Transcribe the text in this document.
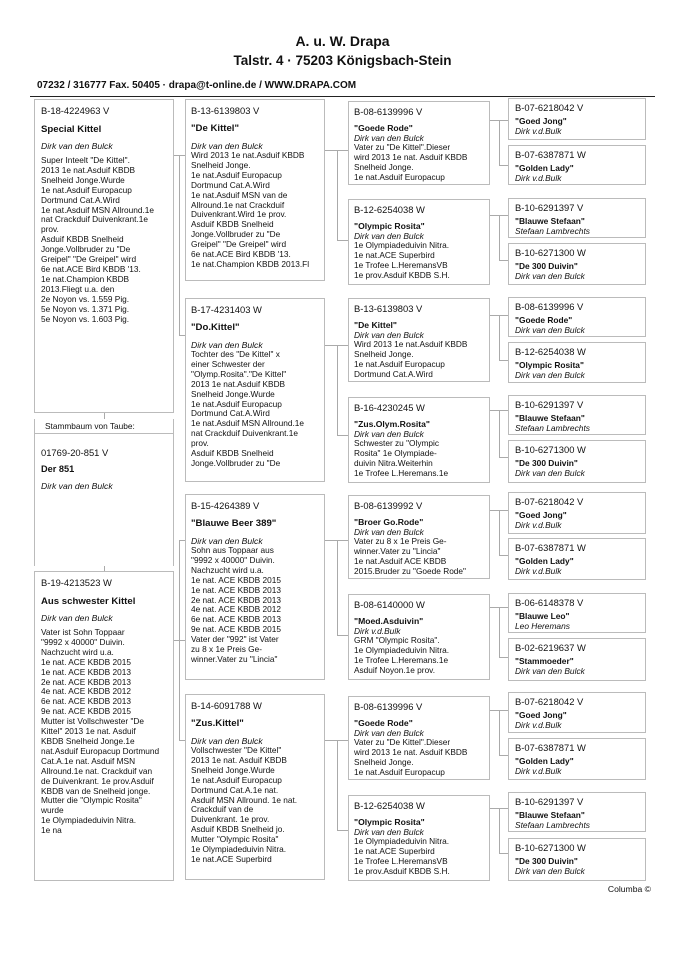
A. u. W. Drapa
Talstr. 4 · 75203 Königsbach-Stein
07232 / 316777 Fax. 50405 · drapa@t-online.de / WWW.DRAPA.COM
B-18-4224963 V
Special Kittel
Dirk van den Bulck
Super Inteelt "De Kittel".
2013 1e nat.Asduif KBDB
Snelheid Jonge.Wurde
1e nat.Asduif Europacup
Dortmund Cat.A.Wird
1e nat.Asduif MSN Allround.1e
nat Crackduif Duivenkrant.1e
prov.
Asduif KBDB Snelheid
Jonge.Vollbruder zu "De
Greipel" "De Greipel" wird
6e nat.ACE Bird KBDB '13.
1e nat.Champion KBDB
2013.Fliegt u.a. den
2e Noyon vs. 1.559 Pig.
5e Noyon vs. 1.371 Pig.
5e Noyon vs. 1.603 Pig.
Stammbaum von Taube:
01769-20-851 V
Der 851
Dirk van den Bulck
B-19-4213523 W
Aus schwester Kittel
Dirk van den Bulck
Vater ist Sohn Toppaar
"9992 x 40000" Duivin.
Nachzucht wird u.a.
1e nat. ACE KBDB 2015
1e nat. ACE KBDB 2013
2e nat. ACE KBDB 2013
4e nat. ACE KBDB 2012
6e nat. ACE KBDB 2013
9e nat. ACE KBDB 2015
Mutter ist Vollschwester "De
Kittel" 2013 1e nat. Asduif
KBDB Snelheid Jonge.1e
nat.Asduif Europacup Dortmund
Cat.A.1e nat. Asduif MSN
Allround.1e nat. Crackduif van
de Duivenkrant. 1e prov.Asduif
KBDB van de Snelheid jonge.
Mutter die "Olympic Rosita"
wurde
1e Olympiadeduivin Nitra.
1e na
B-13-6139803 V
"De Kittel"
Dirk van den Bulck
Wird 2013 1e nat.Asduif KBDB
Snelheid Jonge.
1e nat.Asduif Europacup
Dortmund Cat.A.Wird
1e nat.Asduif MSN van de
Allround.1e nat Crackduif
Duivenkrant.Wird 1e prov.
Asduif KBDB Snelheid
Jonge.Vollbruder zu "De
Greipel" "De Greipel" wird
6e nat.ACE Bird KBDB '13.
1e nat.Champion KBDB 2013.Fl
B-17-4231403 W
"Do.Kittel"
Dirk van den Bulck
Tochter des "De Kittel" x
einer Schwester der
"Olymp.Rosita"."De Kittel"
2013 1e nat.Asduif KBDB
Snelheid Jonge.Wurde
1e nat.Asduif Europacup
Dortmund Cat.A.Wird
1e nat.Asduif MSN Allround.1e
nat Crackduif Duivenkrant.1e
prov.
Asduif KBDB Snelheid
Jonge.Vollbruder zu "De
B-15-4264389 V
"Blauwe Beer 389"
Dirk van den Bulck
Sohn aus Toppaar aus
"9992 x 40000" Duivin.
Nachzucht wird u.a.
1e nat. ACE KBDB 2015
1e nat. ACE KBDB 2013
2e nat. ACE KBDB 2013
4e nat. ACE KBDB 2012
6e nat. ACE KBDB 2013
9e nat. ACE KBDB 2015
Vater der "992" ist Vater
zu 8 x 1e Preis Ge-
winner.Vater zu "Lincia"
B-14-6091788 W
"Zus.Kittel"
Dirk van den Bulck
Vollschwester "De Kittel"
2013 1e nat. Asduif KBDB
Snelheid Jonge.Wurde
1e nat.Asduif Europacup
Dortmund Cat.A.1e nat.
Asduif MSN Allround. 1e nat.
Crackduif van de
Duivenkrant. 1e prov.
Asduif KBDB Snelheid jo.
Mutter "Olympic Rosita"
1e Olympiadeduivin Nitra.
1e nat.ACE Superbird
B-08-6139996 V
"Goede Rode"
Dirk van den Bulck
Vater zu "De Kittel".Dieser
wird 2013 1e nat. Asduif KBDB
Snelheid Jonge.
1e nat.Asduif Europacup
B-12-6254038 W
"Olympic Rosita"
Dirk van den Bulck
1e Olympiadeduivin Nitra.
1e nat.ACE Superbird
1e Trofee L.HeremansVB
1e prov.Asduif KBDB S.H.
B-13-6139803 V
"De Kittel"
Dirk van den Bulck
Wird 2013 1e nat.Asduif KBDB
Snelheid Jonge.
1e nat.Asduif Europacup
Dortmund Cat.A.Wird
B-16-4230245 W
"Zus.Olym.Rosita"
Dirk van den Bulck
Schwester zu "Olympic
Rosita" 1e Olympiade-
duivin Nitra.Weiterhin
1e Trofee L.Heremans.1e
B-08-6139992 V
"Broer Go.Rode"
Dirk van den Bulck
Vater zu 8 x 1e Preis Ge-
winner.Vater zu "Lincia"
1e nat.Asduif ACE KBDB
2015.Bruder zu "Goede Rode"
B-08-6140000 W
"Moed.Asduivin"
Dirk v.d.Bulk
GRM "Olympic Rosita".
1e Olympiadeduivin Nitra.
1e Trofee L.Heremans.1e
Asduif Noyon.1e prov.
B-08-6139996 V
"Goede Rode"
Dirk van den Bulck
Vater zu "De Kittel".Dieser
wird 2013 1e nat. Asduif KBDB
Snelheid Jonge.
1e nat.Asduif Europacup
B-12-6254038 W
"Olympic Rosita"
Dirk van den Bulck
1e Olympiadeduivin Nitra.
1e nat.ACE Superbird
1e Trofee L.HeremansVB
1e prov.Asduif KBDB S.H.
B-07-6218042 V
"Goed Jong"
Dirk v.d.Bulk
B-07-6387871 W
"Golden Lady"
Dirk v.d.Bulk
B-10-6291397 V
"Blauwe Stefaan"
Stefaan Lambrechts
B-10-6271300 W
"De 300 Duivin"
Dirk van den Bulck
B-08-6139996 V
"Goede Rode"
Dirk van den Bulck
B-12-6254038 W
"Olympic Rosita"
Dirk van den Bulck
B-10-6291397 V
"Blauwe Stefaan"
Stefaan Lambrechts
B-10-6271300 W
"De 300 Duivin"
Dirk van den Bulck
B-07-6218042 V
"Goed Jong"
Dirk v.d.Bulk
B-07-6387871 W
"Golden Lady"
Dirk v.d.Bulk
B-06-6148378 V
"Blauwe Leo"
Leo Heremans
B-02-6219637 W
"Stammoeder"
Dirk van den Bulck
B-07-6218042 V
"Goed Jong"
Dirk v.d.Bulk
B-07-6387871 W
"Golden Lady"
Dirk v.d.Bulk
B-10-6291397 V
"Blauwe Stefaan"
Stefaan Lambrechts
B-10-6271300 W
"De 300 Duivin"
Dirk van den Bulck
Columba ©
